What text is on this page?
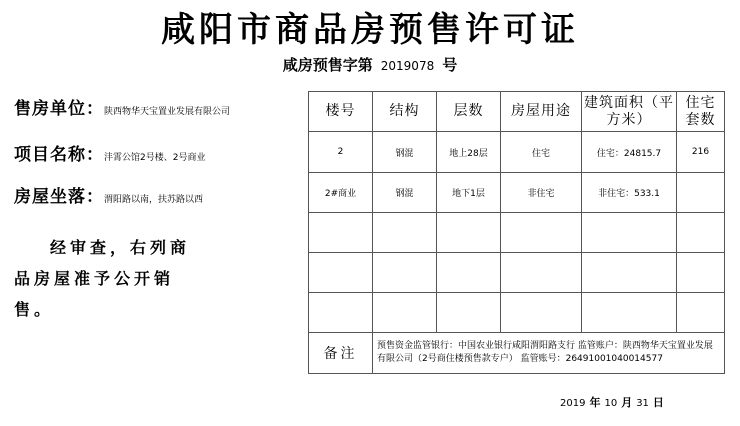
咸阳市商品房预售许可证
咸房预售字第 2019078 号
售房单位：陕西物华天宝置业发展有限公司
项目名称：沣霄公馆2号楼、2号商业
房屋坐落：渭阳路以南，扶苏路以西
经审查，右列商品房屋准予公开销售。
楼号	结构	层数	房屋用途	建筑面积（平方米）	住宅套数
2	钢混	地上28层	住宅	住宅：24815.7	216
2#商业	钢混	地下1层	非住宅	非住宅：533.1	

备注	预售资金监管银行：中国农业银行咸阳渭阳路支行 监管账户：陕西物华天宝置业发展有限公司（2号商住楼预售款专户） 监管账号：26491001040014577				
2019 年 10 月 31 日
